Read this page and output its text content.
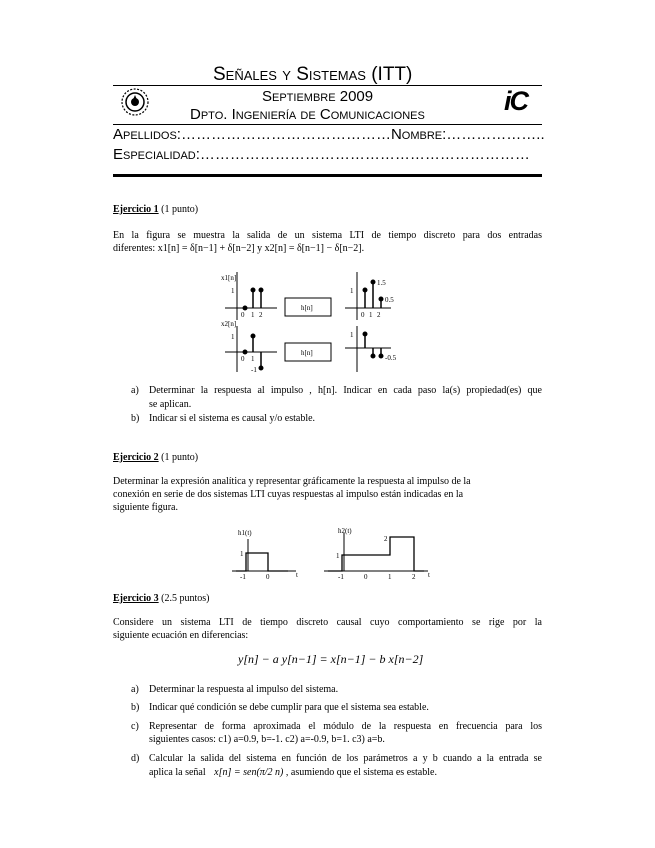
Señales y Sistemas (ITT)
Septiembre 2009
Dpto. Ingeniería de Comunicaciones	iC
Apellidos:……………………………………Nombre:………………..
Especialidad:…………………………………………………………
Ejercicio 1 (1 punto)
En la figura se muestra la salida de un sistema LTI de tiempo discreto para dos entradas
diferentes: x1[n] = δ[n−1] + δ[n−2] y x2[n] = δ[n−1] − δ[n−2].
x1[n]
1
0 1 2
h[n]
1
1.5
0.5
0 1 2
x2[n]
1
-1
0 1
h[n]
1
-0.5
a) Determinar la respuesta al impulso , h[n]. Indicar en cada paso la(s) propiedad(es) que
se aplican.
b) Indicar si el sistema es causal y/o estable.
Ejercicio 2 (1 punto)
Determinar la expresión analítica y representar gráficamente la respuesta al impulso de la
conexión en serie de dos sistemas LTI cuyas respuestas al impulso están indicadas en la
siguiente figura.
h1(t)
1
-1	0	t
h2(t)
1
2
-1	0	1	2 t
Ejercicio 3 (2.5 puntos)
Considere un sistema LTI de tiempo discreto causal cuyo comportamiento se rige por la
siguiente ecuación en diferencias:
y[n] − a y[n−1] = x[n−1] − b x[n−2]
a) Determinar la respuesta al impulso del sistema.
b) Indicar qué condición se debe cumplir para que el sistema sea estable.
c) Representar de forma aproximada el módulo de la respuesta en frecuencia para los
siguientes casos: c1) a=0.9, b=-1. c2) a=-0.9, b=1. c3) a=b.
d) Calcular la salida del sistema en función de los parámetros a y b cuando a la entrada se
aplica la señal x[n] = sen(π/2 n) , asumiendo que el sistema es estable.
